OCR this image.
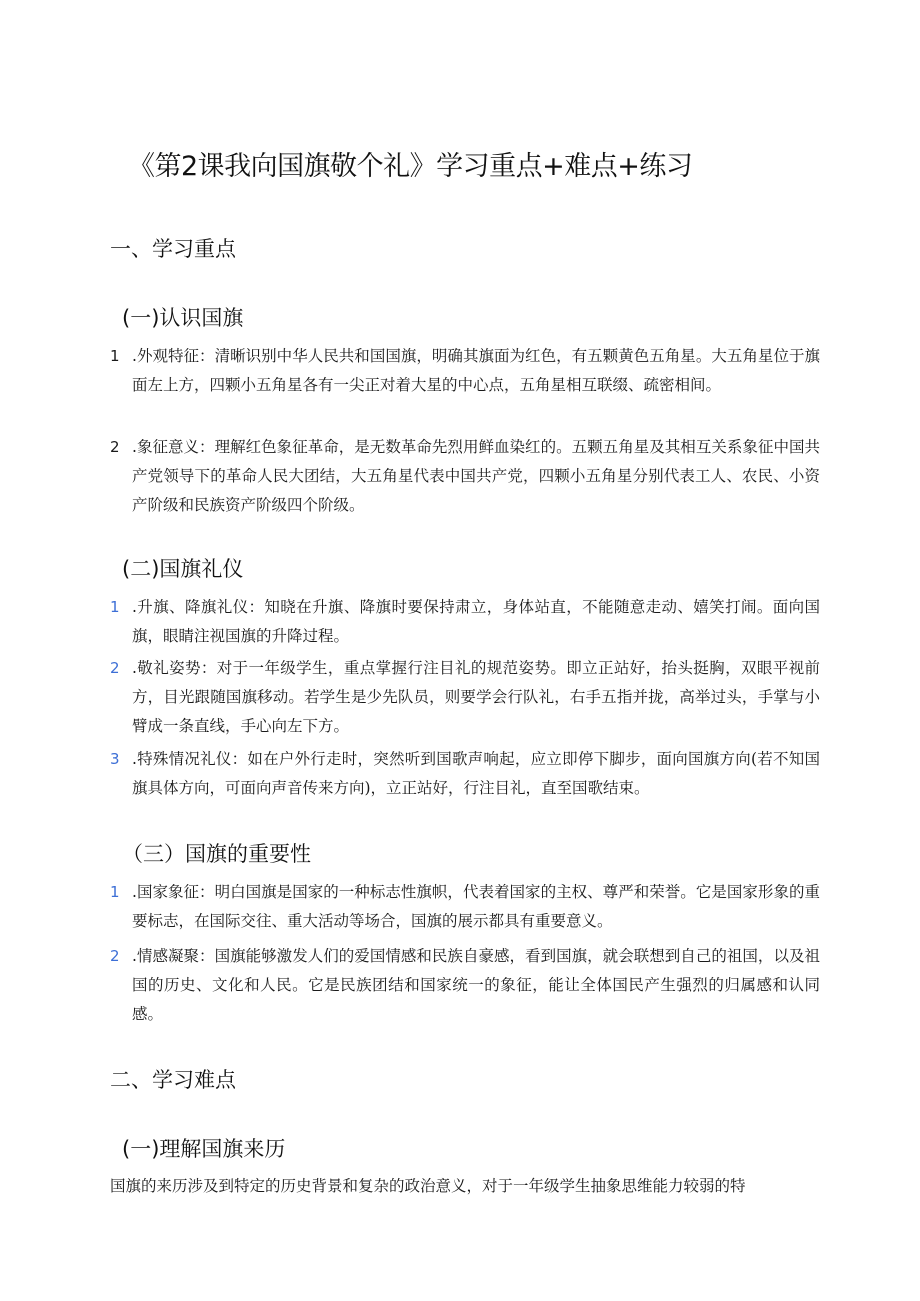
《第2课我向国旗敬个礼》学习重点+难点+练习
一、学习重点
(一)认识国旗
1 .外观特征：清晰识别中华人民共和国国旗，明确其旗面为红色，有五颗黄色五角星。大五角星位于旗面左上方，四颗小五角星各有一尖正对着大星的中心点，五角星相互联缀、疏密相间。
2 .象征意义：理解红色象征革命，是无数革命先烈用鲜血染红的。五颗五角星及其相互关系象征中国共产党领导下的革命人民大团结，大五角星代表中国共产党，四颗小五角星分别代表工人、农民、小资产阶级和民族资产阶级四个阶级。
(二)国旗礼仪
1 .升旗、降旗礼仪：知晓在升旗、降旗时要保持肃立，身体站直，不能随意走动、嬉笑打闹。面向国旗，眼睛注视国旗的升降过程。
2 .敬礼姿势：对于一年级学生，重点掌握行注目礼的规范姿势。即立正站好，抬头挺胸，双眼平视前方，目光跟随国旗移动。若学生是少先队员，则要学会行队礼，右手五指并拢，高举过头，手掌与小臂成一条直线，手心向左下方。
3 .特殊情况礼仪：如在户外行走时，突然听到国歌声响起，应立即停下脚步，面向国旗方向(若不知国旗具体方向，可面向声音传来方向)，立正站好，行注目礼，直至国歌结束。
（三）国旗的重要性
1 .国家象征：明白国旗是国家的一种标志性旗帜，代表着国家的主权、尊严和荣誉。它是国家形象的重要标志，在国际交往、重大活动等场合，国旗的展示都具有重要意义。
2 .情感凝聚：国旗能够激发人们的爱国情感和民族自豪感，看到国旗，就会联想到自己的祖国，以及祖国的历史、文化和人民。它是民族团结和国家统一的象征，能让全体国民产生强烈的归属感和认同感。
二、学习难点
(一)理解国旗来历
国旗的来历涉及到特定的历史背景和复杂的政治意义，对于一年级学生抽象思维能力较弱的特
